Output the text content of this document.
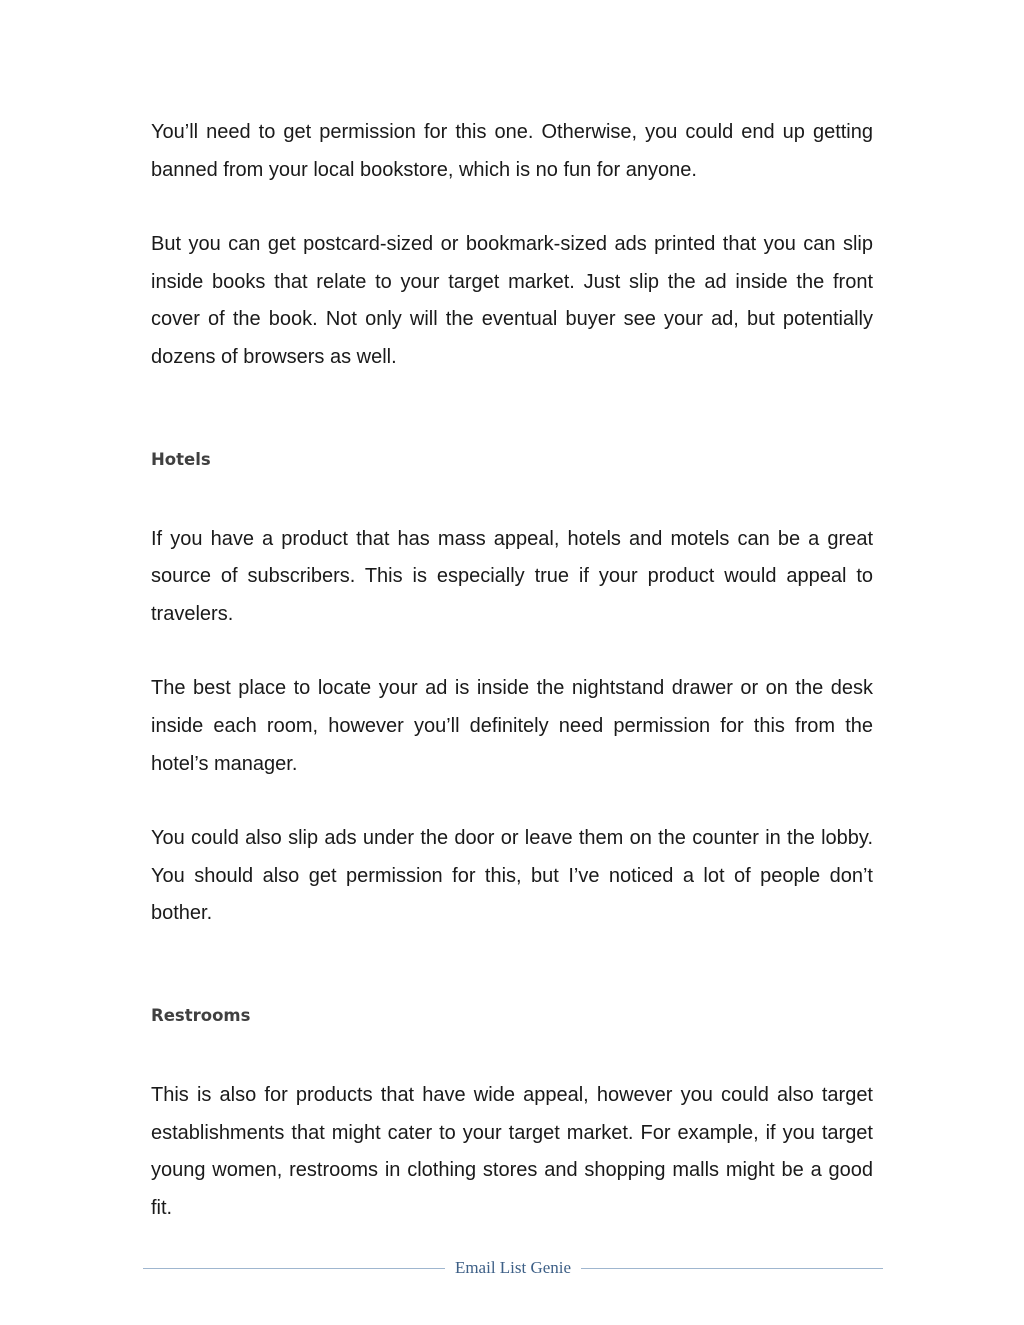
You’ll need to get permission for this one. Otherwise, you could end up getting banned from your local bookstore, which is no fun for anyone.

But you can get postcard-sized or bookmark-sized ads printed that you can slip inside books that relate to your target market. Just slip the ad inside the front cover of the book. Not only will the eventual buyer see your ad, but potentially dozens of browsers as well.

Hotels

If you have a product that has mass appeal, hotels and motels can be a great source of subscribers. This is especially true if your product would appeal to travelers.

The best place to locate your ad is inside the nightstand drawer or on the desk inside each room, however you’ll definitely need permission for this from the hotel’s manager.

You could also slip ads under the door or leave them on the counter in the lobby. You should also get permission for this, but I’ve noticed a lot of people don’t bother.

Restrooms

This is also for products that have wide appeal, however you could also target establishments that might cater to your target market. For example, if you target young women, restrooms in clothing stores and shopping malls might be a good fit.

Email List Genie
